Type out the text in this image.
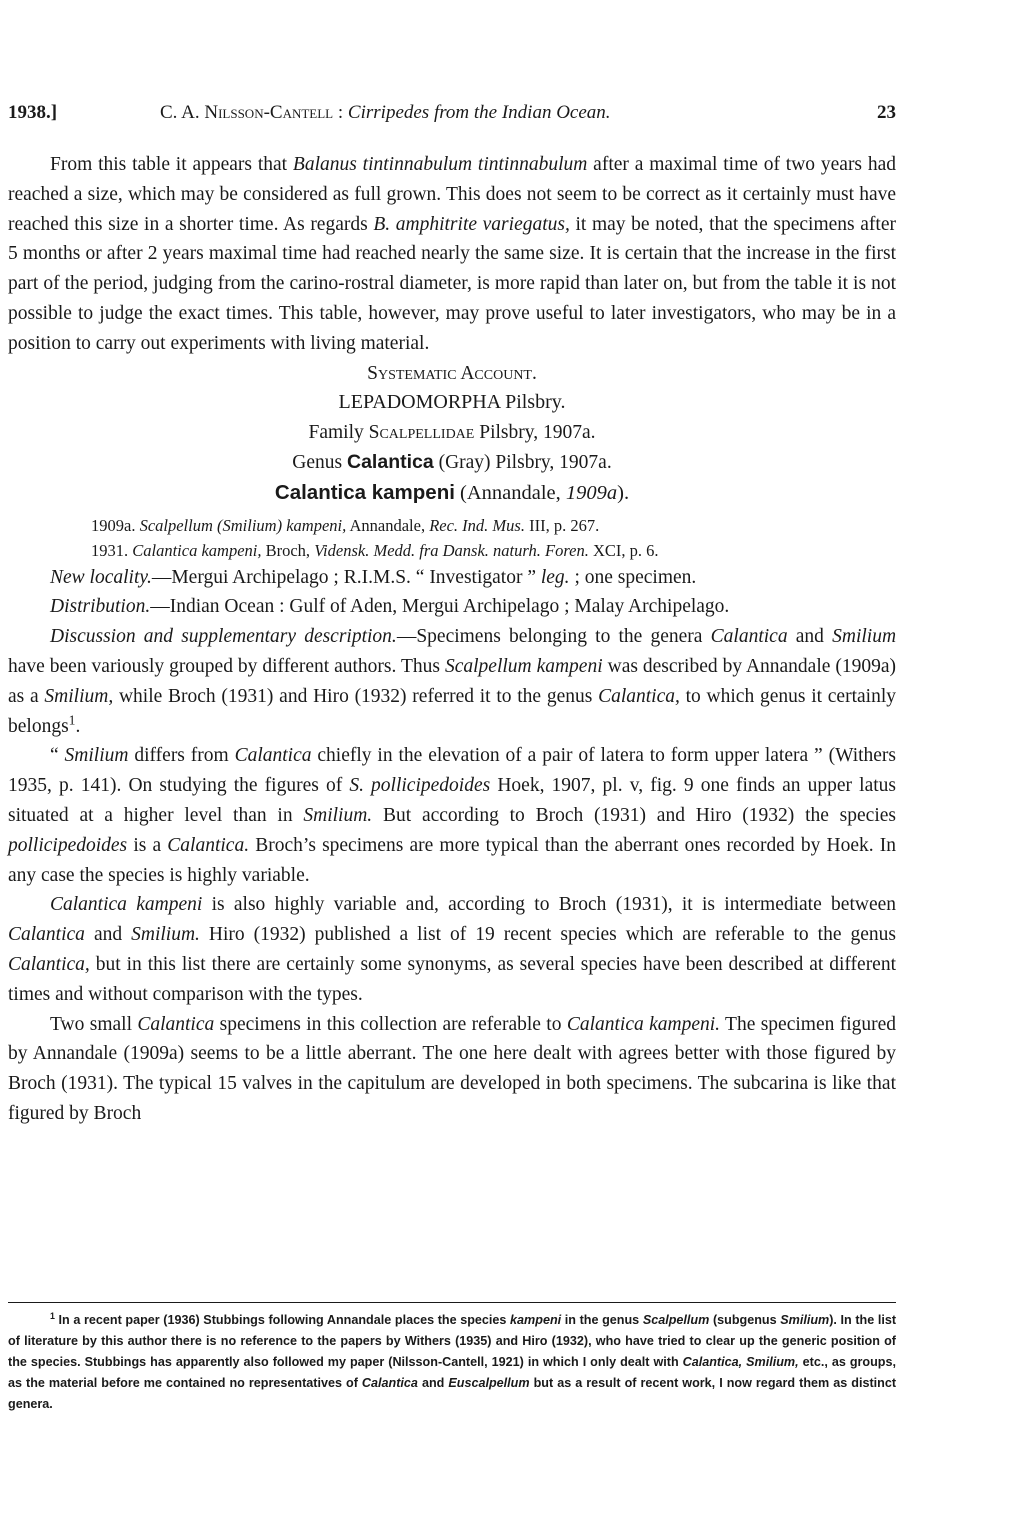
1938.]	C. A. Nilsson-Cantell : Cirripedes from the Indian Ocean.	23

From this table it appears that Balanus tintinnabulum tintinnabulum after a maximal time of two years had reached a size, which may be considered as full grown. This does not seem to be correct as it certainly must have reached this size in a shorter time. As regards B. amphitrite variegatus, it may be noted, that the specimens after 5 months or after 2 years maximal time had reached nearly the same size. It is certain that the increase in the first part of the period, judging from the carino-rostral diameter, is more rapid than later on, but from the table it is not possible to judge the exact times. This table, however, may prove useful to later investigators, who may be in a position to carry out experiments with living material.

Systematic Account.

LEPADOMORPHA Pilsbry.

Family Scalpellidae Pilsbry, 1907a.

Genus Calantica (Gray) Pilsbry, 1907a.

Calantica kampeni (Annandale, 1909a).

1909a. Scalpellum (Smilium) kampeni, Annandale, Rec. Ind. Mus. III, p. 267.
1931. Calantica kampeni, Broch, Vidensk. Medd. fra Dansk. naturh. Foren. XCI, p. 6.

New locality.—Mergui Archipelago ; R.I.M.S. “ Investigator ” leg. ; one specimen.

Distribution.—Indian Ocean : Gulf of Aden, Mergui Archipelago ; Malay Archipelago.

Discussion and supplementary description.—Specimens belonging to the genera Calantica and Smilium have been variously grouped by different authors. Thus Scalpellum kampeni was described by Annandale (1909a) as a Smilium, while Broch (1931) and Hiro (1932) referred it to the genus Calantica, to which genus it certainly belongs$^1$.

“ Smilium differs from Calantica chiefly in the elevation of a pair of latera to form upper latera ” (Withers 1935, p. 141). On studying the figures of S. pollicipedoides Hoek, 1907, pl. v, fig. 9 one finds an upper latus situated at a higher level than in Smilium. But according to Broch (1931) and Hiro (1932) the species pollicipedoides is a Calantica. Broch’s specimens are more typical than the aberrant ones recorded by Hoek. In any case the species is highly variable.

Calantica kampeni is also highly variable and, according to Broch (1931), it is intermediate between Calantica and Smilium. Hiro (1932) published a list of 19 recent species which are referable to the genus Calantica, but in this list there are certainly some synonyms, as several species have been described at different times and without comparison with the types.

Two small Calantica specimens in this collection are referable to Calantica kampeni. The specimen figured by Annandale (1909a) seems to be a little aberrant. The one here dealt with agrees better with those figured by Broch (1931). The typical 15 valves in the capitulum are developed in both specimens. The subcarina is like that figured by Broch

$^1$ In a recent paper (1936) Stubbings following Annandale places the species kampeni in the genus Scalpellum (subgenus Smilium). In the list of literature by this author there is no reference to the papers by Withers (1935) and Hiro (1932), who have tried to clear up the generic position of the species. Stubbings has apparently also followed my paper (Nilsson-Cantell, 1921) in which I only dealt with Calantica, Smilium, etc., as groups, as the material before me contained no representatives of Calantica and Euscalpellum but as a result of recent work, I now regard them as distinct genera.
